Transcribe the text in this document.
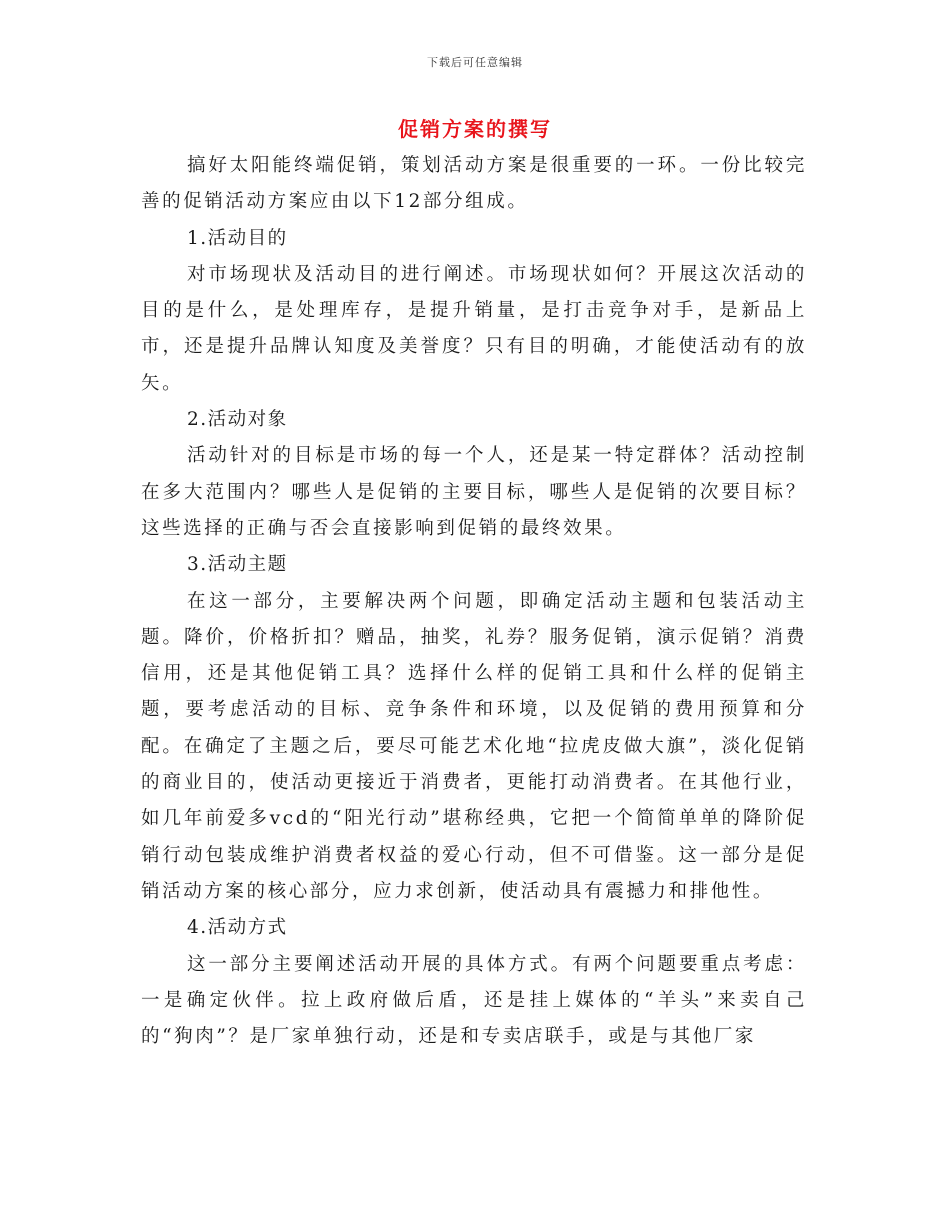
下载后可任意编辑
促销方案的撰写

搞好太阳能终端促销，策划活动方案是很重要的一环。一份比较完善的促销活动方案应由以下12部分组成。

1.活动目的

对市场现状及活动目的进行阐述。市场现状如何？开展这次活动的目的是什么，是处理库存，是提升销量，是打击竞争对手，是新品上市，还是提升品牌认知度及美誉度？只有目的明确，才能使活动有的放矢。

2.活动对象

活动针对的目标是市场的每一个人，还是某一特定群体？活动控制在多大范围内？哪些人是促销的主要目标，哪些人是促销的次要目标？这些选择的正确与否会直接影响到促销的最终效果。

3.活动主题

在这一部分，主要解决两个问题，即确定活动主题和包装活动主题。降价，价格折扣？赠品，抽奖，礼券？服务促销，演示促销？消费信用，还是其他促销工具？选择什么样的促销工具和什么样的促销主题，要考虑活动的目标、竞争条件和环境，以及促销的费用预算和分配。在确定了主题之后，要尽可能艺术化地“拉虎皮做大旗”，淡化促销的商业目的，使活动更接近于消费者，更能打动消费者。在其他行业，如几年前爱多vcd的“阳光行动”堪称经典，它把一个简简单单的降阶促销行动包装成维护消费者权益的爱心行动，但不可借鉴。这一部分是促销活动方案的核心部分，应力求创新，使活动具有震撼力和排他性。

4.活动方式

这一部分主要阐述活动开展的具体方式。有两个问题要重点考虑：一是确定伙伴。拉上政府做后盾，还是挂上媒体的“羊头”来卖自己的“狗肉”？是厂家单独行动，还是和专卖店联手，或是与其他厂家
